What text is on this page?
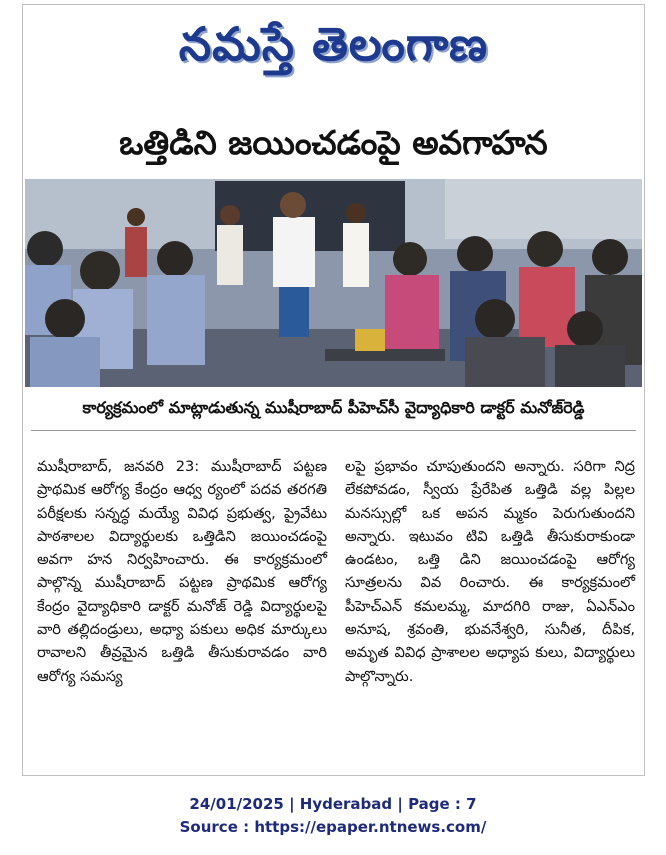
నమస్తే తెలంగాణ
ఒత్తిడిని జయించడంపై అవగాహన
కార్యక్రమంలో మాట్లాడుతున్న ముషీరాబాద్ పీహెచ్‌సీ వైద్యాధికారి డాక్టర్ మనోజ్‌రెడ్డి

ముషీరాబాద్, జనవరి 23: ముషీరాబాద్ పట్టణ ప్రాథమిక ఆరోగ్య కేంద్రం ఆధ్వ ర్యంలో పదవ తరగతి పరీక్షలకు సన్నద్ధ మయ్యే వివిధ ప్రభుత్వ, ప్రైవేటు పాఠశాలల విద్యార్థులకు ఒత్తిడిని జయించడంపై అవగా హన నిర్వహించారు. ఈ కార్యక్రమంలో పాల్గొన్న ముషీరాబాద్ పట్టణ ప్రాథమిక ఆరోగ్య కేంద్రం వైద్యాధికారి డాక్టర్ మనోజ్ రెడ్డి విద్యార్థులపై వారి తల్లిదండ్రులు, అధ్యా పకులు అధిక మార్కులు రావాలని తీవ్రమైన ఒత్తిడి తీసుకురావడం వారి ఆరోగ్య సమస్య

లపై ప్రభావం చూపుతుందని అన్నారు. సరిగా నిద్ర లేకపోవడం, స్వీయ ప్రేరేపిత ఒత్తిడి వల్ల పిల్లల మనస్సుల్లో ఒక అపన మ్మకం పెరుగుతుందని అన్నారు. ఇటువం టివి ఒత్తిడి తీసుకురాకుండా ఉండటం, ఒత్తి డిని జయించడంపై ఆరోగ్య సూత్రలను వివ రించారు. ఈ కార్యక్రమంలో పీహెచ్‌ఎన్ కమలమ్మ, మాదగిరి రాజు, ఏఎన్‌ఎం అనూష, శ్రవంతి, భువనేశ్వరి, సునీత, దీపిక, అమృత వివిధ ప్రాశాలల అధ్యాప కులు, విద్యార్థులు పాల్గొన్నారు.

24/01/2025 | Hyderabad | Page : 7
Source : https://epaper.ntnews.com/
